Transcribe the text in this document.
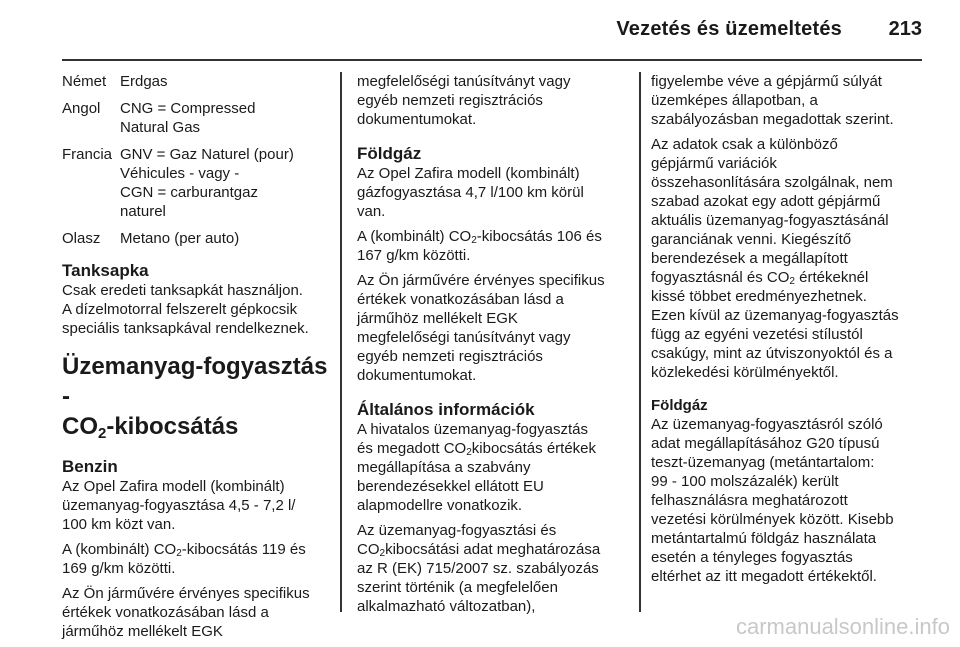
Vezetés és üzemeltetés 213
Német Erdgas
Angol	CNG = Compressed
Natural Gas
Francia GNV = Gaz Naturel (pour)
Véhicules - vagy -
CGN = carburantgaz
naturel
Olasz	Metano (per auto)
Tanksapka

Csak eredeti tanksapkát használjon.
A dízelmotorral felszerelt gépkocsik
speciális tanksapkával rendelkeznek.

Üzemanyag-fogyasztás -
$CO_2$-kibocsátás
Benzin

Az Opel Zafira modell (kombinált)
üzemanyag-fogyasztása 4,5 - 7,2 l/
100 km közt van.

A (kombinált) $CO_2$-kibocsátás 119 és
169 g/km közötti.

Az Ön járművére érvényes specifikus
értékek vonatkozásában lásd a
járműhöz mellékelt EGK

megfelelőségi tanúsítványt vagy
egyéb nemzeti regisztrációs
dokumentumokat.

Földgáz

Az Opel Zafira modell (kombinált)
gázfogyasztása 4,7 l/100 km körül
van.

A (kombinált) $CO_2$-kibocsátás 106 és
167 g/km közötti.

Az Ön járművére érvényes specifikus
értékek vonatkozásában lásd a
járműhöz mellékelt EGK
megfelelőségi tanúsítványt vagy
egyéb nemzeti regisztrációs
dokumentumokat.

Általános információk

A hivatalos üzemanyag-fogyasztás
és megadott $CO_2kibocsátás$ értékek
megállapítása a szabvány
berendezésekkel ellátott EU
alapmodellre vonatkozik.

Az üzemanyag-fogyasztási és
$CO_2kibocsátási$ adat meghatározása
az R (EK) 715/2007 sz. szabályozás
szerint történik (a megfelelően
alkalmazható változatban),

figyelembe véve a gépjármű súlyát
üzemképes állapotban, a
szabályozásban megadottak szerint.

Az adatok csak a különböző
gépjármű variációk
összehasonlítására szolgálnak, nem
szabad azokat egy adott gépjármű
aktuális üzemanyag-fogyasztásánál
garanciának venni. Kiegészítő
berendezések a megállapított
fogyasztásnál és $CO_2$ értékeknél
kissé többet eredményezhetnek.
Ezen kívül az üzemanyag-fogyasztás
függ az egyéni vezetési stílustól
csakúgy, mint az útviszonyoktól és a
közlekedési körülményektől.

Földgáz

Az üzemanyag-fogyasztásról szóló
adat megállapításához G20 típusú
teszt-üzemanyag (metántartalom:
99 - 100 molszázalék) került
felhasználásra meghatározott
vezetési körülmények között. Kisebb
metántartalmú földgáz használata
esetén a tényleges fogyasztás
eltérhet az itt megadott értékektől.

carmanualsonline.info
